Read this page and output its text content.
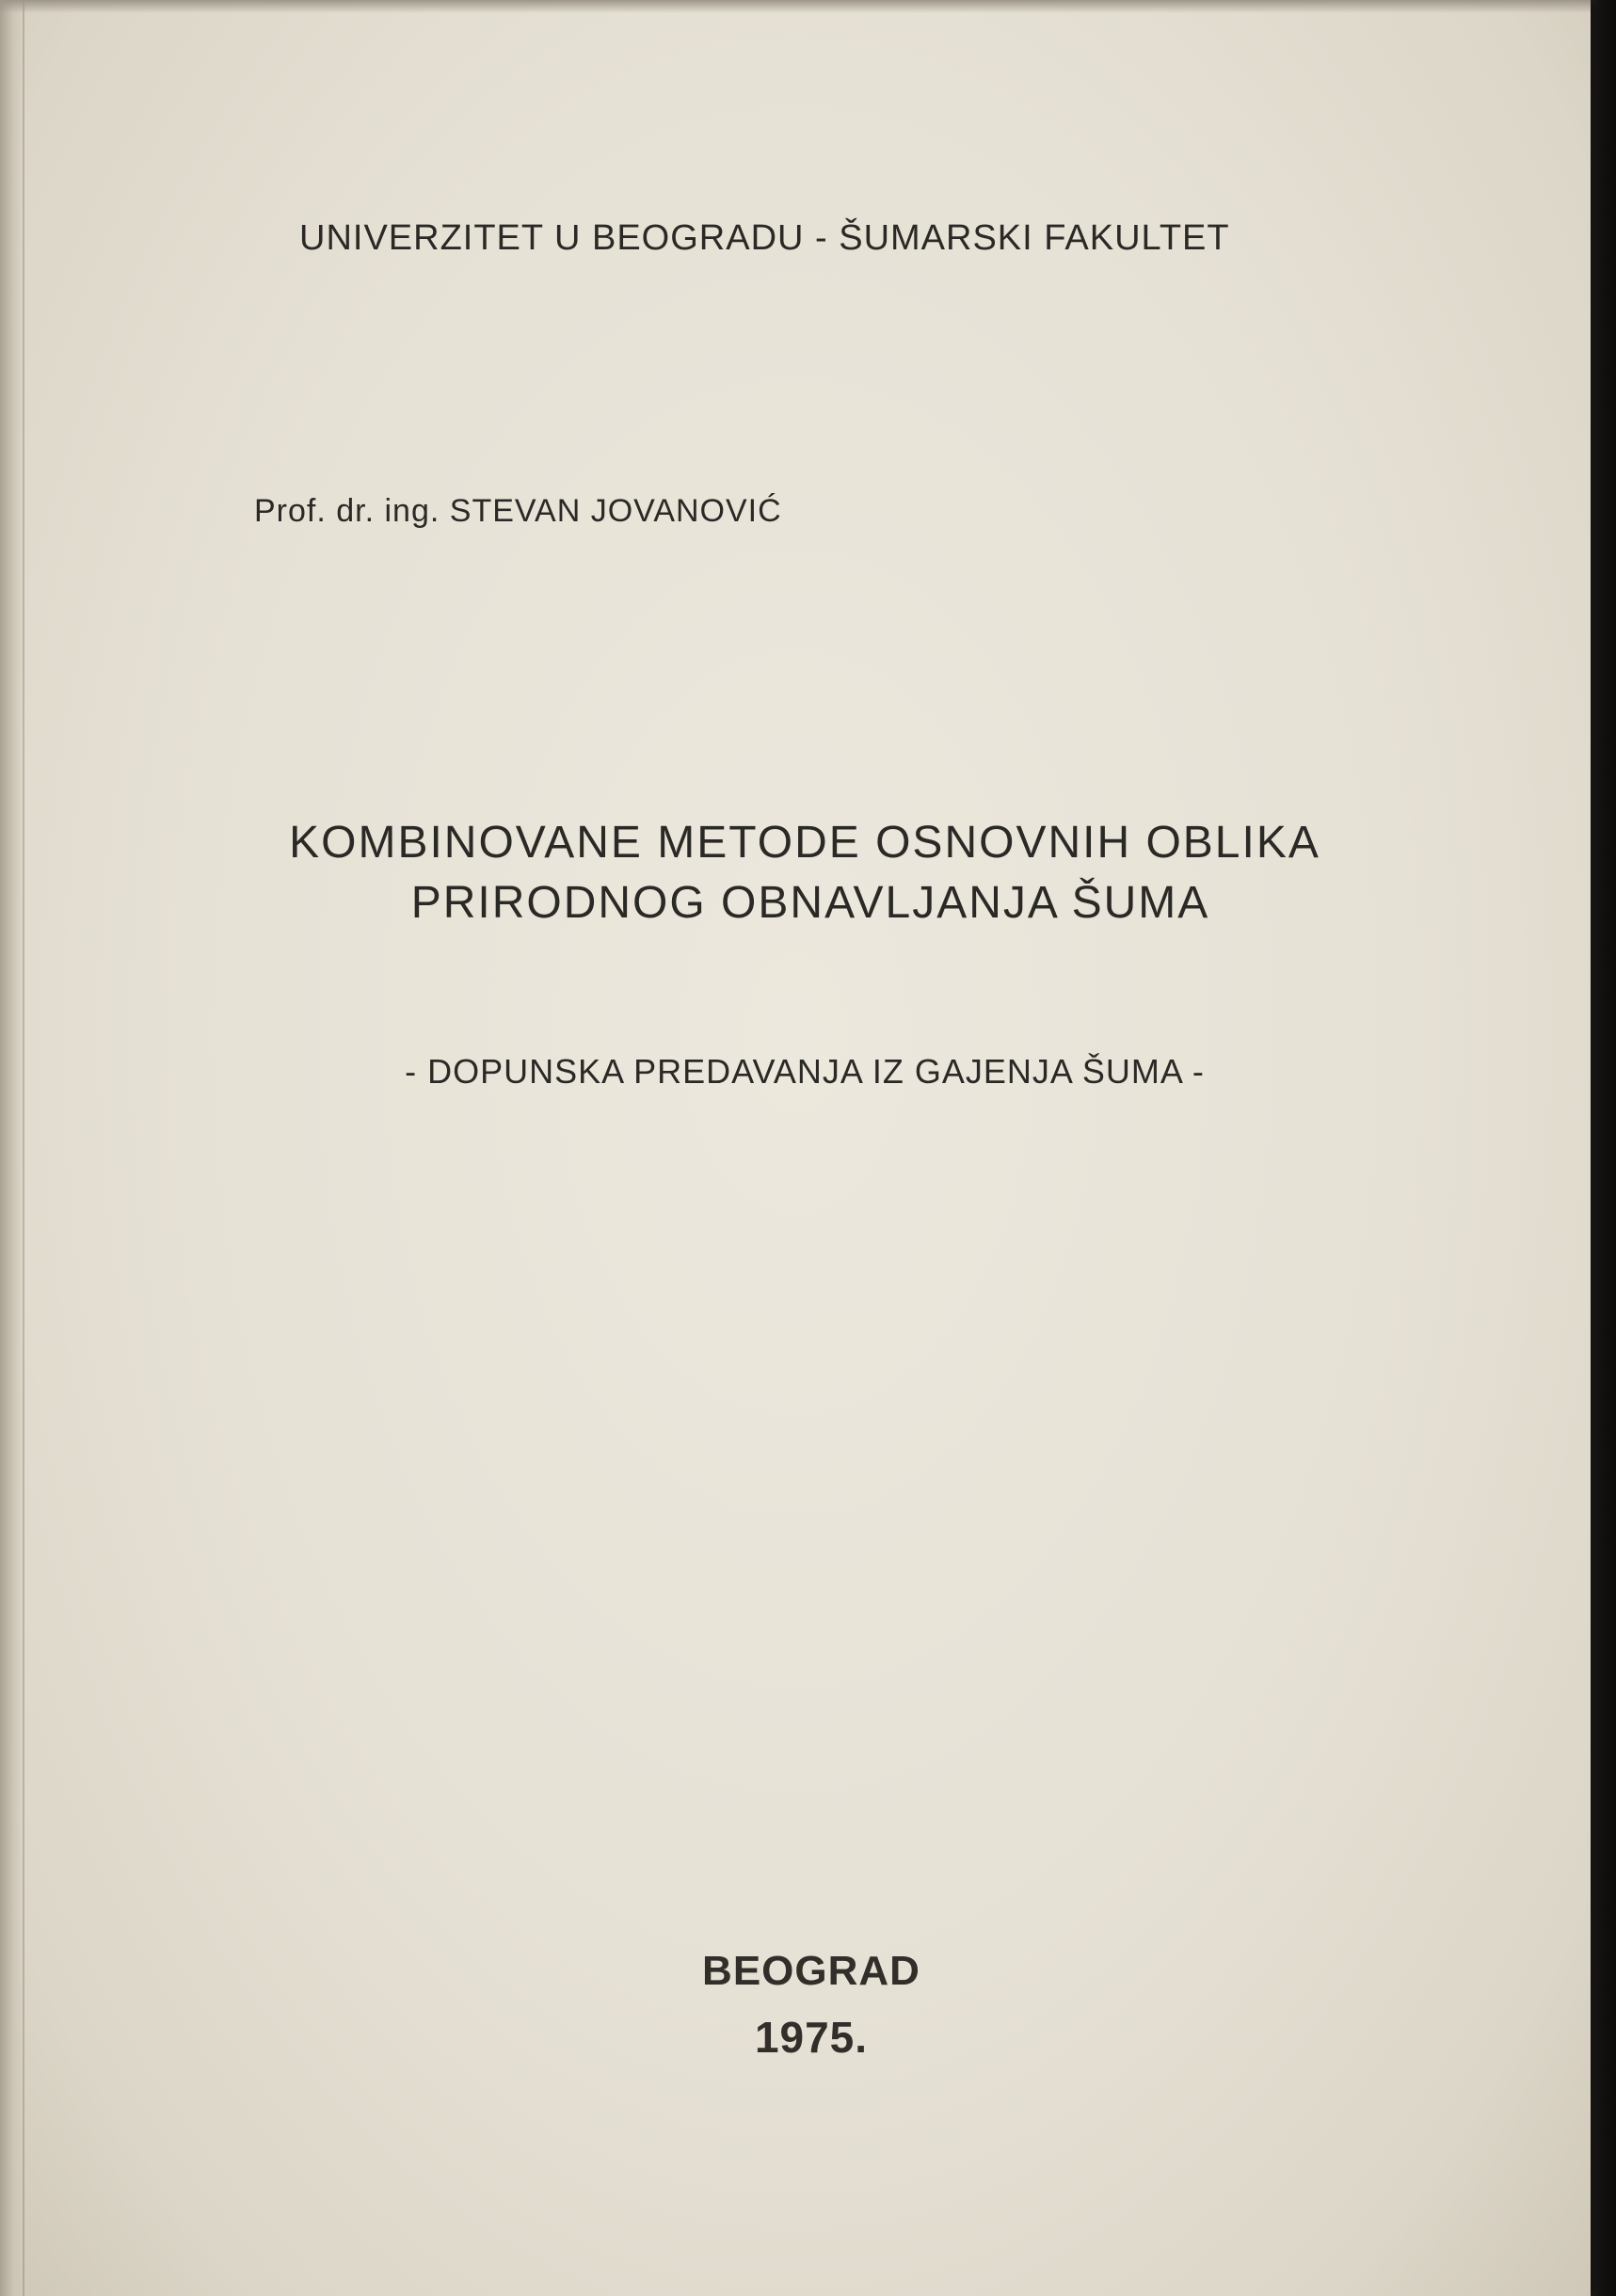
UNIVERZITET U BEOGRADU - ŠUMARSKI FAKULTET
Prof. dr. ing. STEVAN JOVANOVIĆ
KOMBINOVANE METODE OSNOVNIH OBLIKA
PRIRODNOG OBNAVLJANJA ŠUMA
- DOPUNSKA PREDAVANJA IZ GAJENJA ŠUMA -
BEOGRAD
1975.
